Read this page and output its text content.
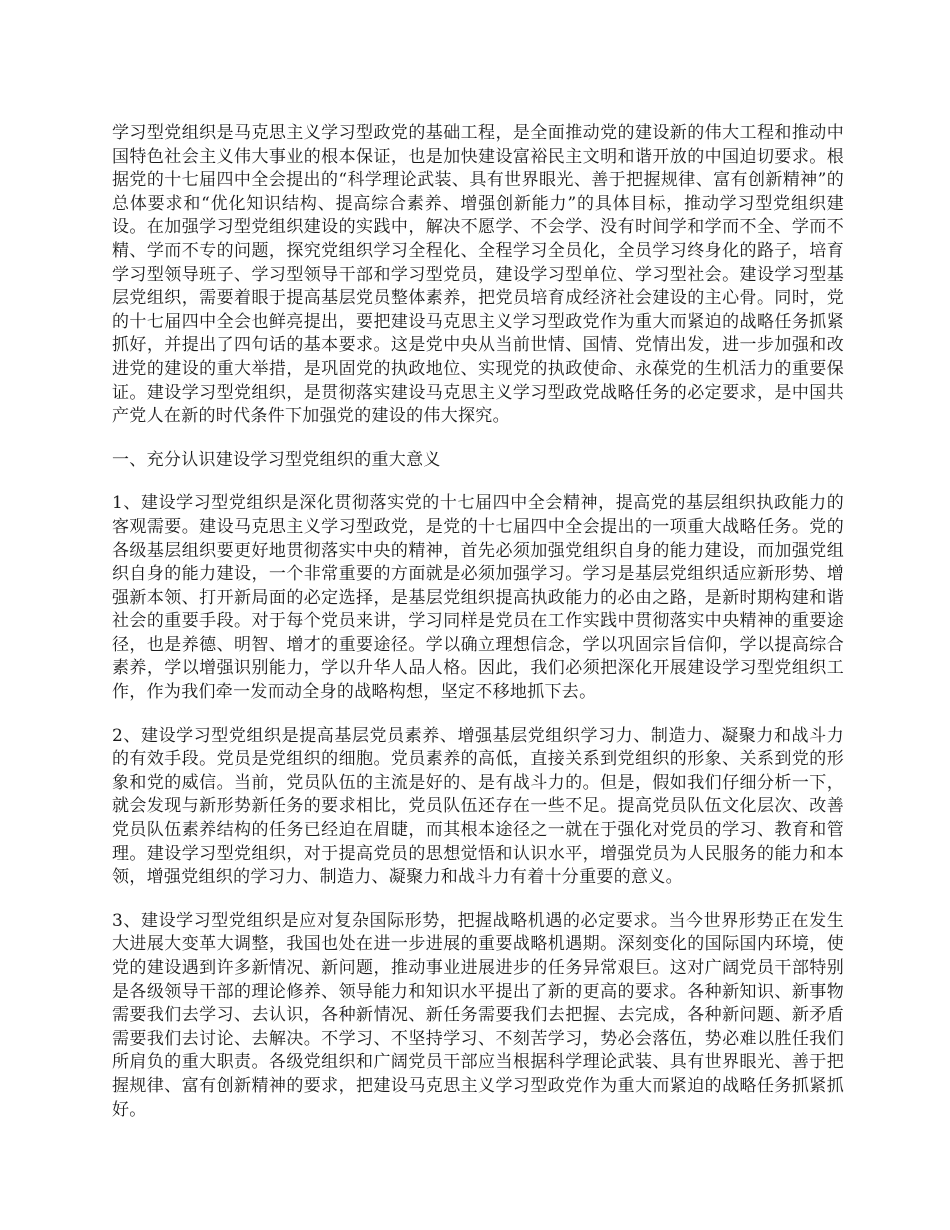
学习型党组织是马克思主义学习型政党的基础工程，是全面推动党的建设新的伟大工程和推动中国特色社会主义伟大事业的根本保证，也是加快建设富裕民主文明和谐开放的中国迫切要求。根据党的十七届四中全会提出的“科学理论武装、具有世界眼光、善于把握规律、富有创新精神”的总体要求和“优化知识结构、提高综合素养、增强创新能力”的具体目标，推动学习型党组织建设。在加强学习型党组织建设的实践中，解决不愿学、不会学、没有时间学和学而不全、学而不精、学而不专的问题，探究党组织学习全程化、全程学习全员化，全员学习终身化的路子，培育学习型领导班子、学习型领导干部和学习型党员，建设学习型单位、学习型社会。建设学习型基层党组织，需要着眼于提高基层党员整体素养，把党员培育成经济社会建设的主心骨。同时，党的十七届四中全会也鲜亮提出，要把建设马克思主义学习型政党作为重大而紧迫的战略任务抓紧抓好，并提出了四句话的基本要求。这是党中央从当前世情、国情、党情出发，进一步加强和改进党的建设的重大举措，是巩固党的执政地位、实现党的执政使命、永葆党的生机活力的重要保证。建设学习型党组织，是贯彻落实建设马克思主义学习型政党战略任务的必定要求，是中国共产党人在新的时代条件下加强党的建设的伟大探究。

一、充分认识建设学习型党组织的重大意义

1、建设学习型党组织是深化贯彻落实党的十七届四中全会精神，提高党的基层组织执政能力的客观需要。建设马克思主义学习型政党，是党的十七届四中全会提出的一项重大战略任务。党的各级基层组织要更好地贯彻落实中央的精神，首先必须加强党组织自身的能力建设，而加强党组织自身的能力建设，一个非常重要的方面就是必须加强学习。学习是基层党组织适应新形势、增强新本领、打开新局面的必定选择，是基层党组织提高执政能力的必由之路，是新时期构建和谐社会的重要手段。对于每个党员来讲，学习同样是党员在工作实践中贯彻落实中央精神的重要途径，也是养德、明智、增才的重要途径。学以确立理想信念，学以巩固宗旨信仰，学以提高综合素养，学以增强识别能力，学以升华人品人格。因此，我们必须把深化开展建设学习型党组织工作，作为我们牵一发而动全身的战略构想，坚定不移地抓下去。

2、建设学习型党组织是提高基层党员素养、增强基层党组织学习力、制造力、凝聚力和战斗力的有效手段。党员是党组织的细胞。党员素养的高低，直接关系到党组织的形象、关系到党的形象和党的威信。当前，党员队伍的主流是好的、是有战斗力的。但是，假如我们仔细分析一下，就会发现与新形势新任务的要求相比，党员队伍还存在一些不足。提高党员队伍文化层次、改善党员队伍素养结构的任务已经迫在眉睫，而其根本途径之一就在于强化对党员的学习、教育和管理。建设学习型党组织，对于提高党员的思想觉悟和认识水平，增强党员为人民服务的能力和本领，增强党组织的学习力、制造力、凝聚力和战斗力有着十分重要的意义。

3、建设学习型党组织是应对复杂国际形势，把握战略机遇的必定要求。当今世界形势正在发生大进展大变革大调整，我国也处在进一步进展的重要战略机遇期。深刻变化的国际国内环境，使党的建设遇到许多新情况、新问题，推动事业进展进步的任务异常艰巨。这对广阔党员干部特别是各级领导干部的理论修养、领导能力和知识水平提出了新的更高的要求。各种新知识、新事物需要我们去学习、去认识，各种新情况、新任务需要我们去把握、去完成，各种新问题、新矛盾需要我们去讨论、去解决。不学习、不坚持学习、不刻苦学习，势必会落伍，势必难以胜任我们所肩负的重大职责。各级党组织和广阔党员干部应当根据科学理论武装、具有世界眼光、善于把握规律、富有创新精神的要求，把建设马克思主义学习型政党作为重大而紧迫的战略任务抓紧抓好。
